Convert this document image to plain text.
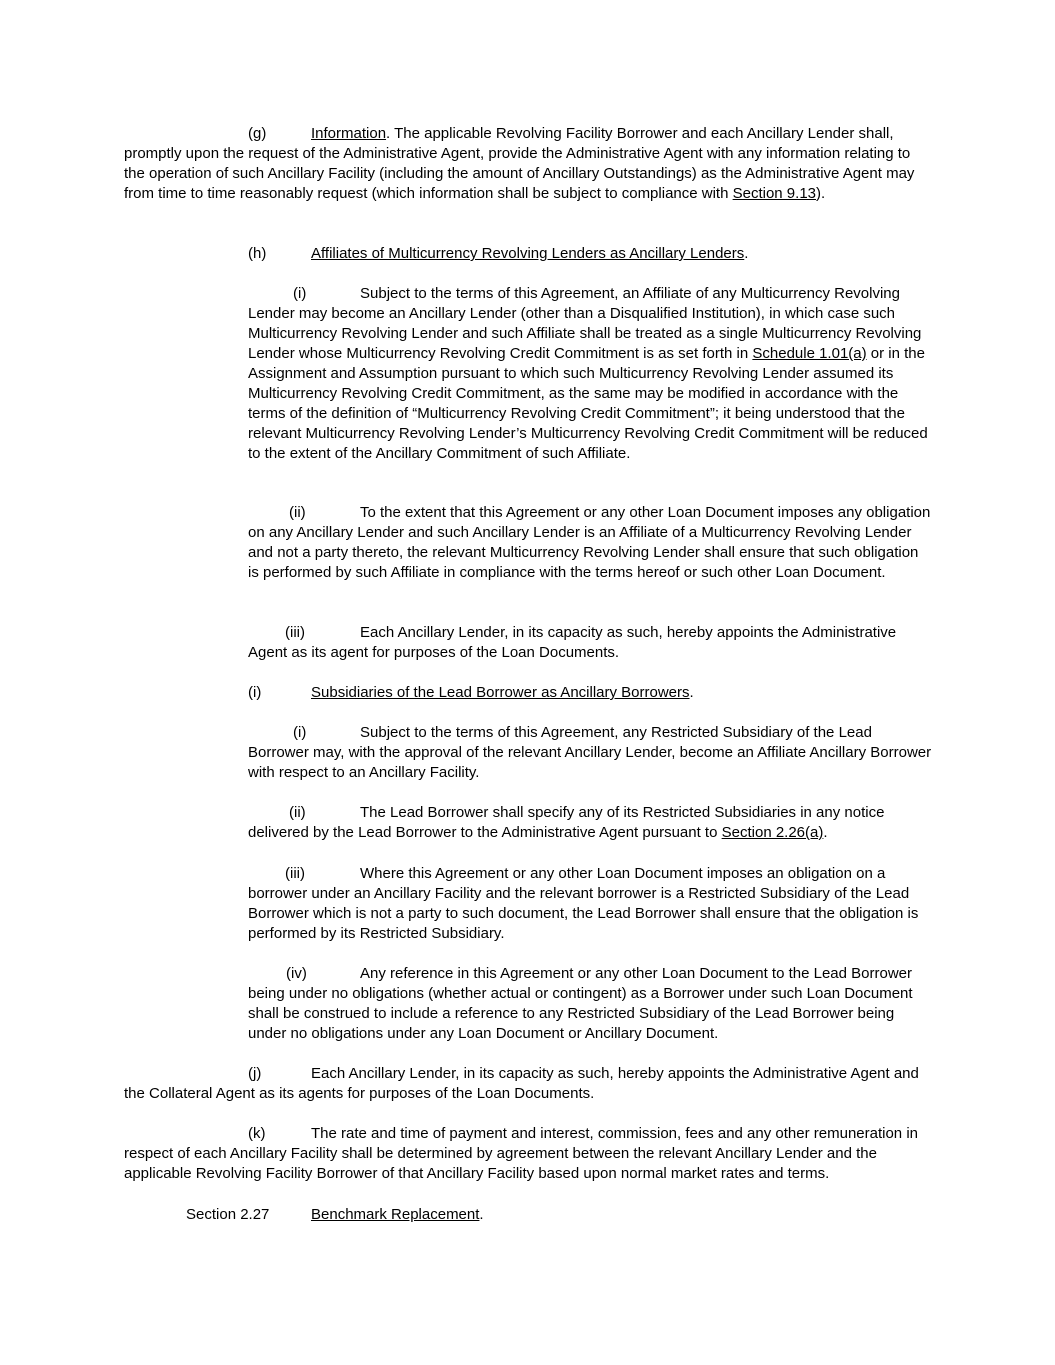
(g)	Information. The applicable Revolving Facility Borrower and each Ancillary Lender shall, promptly upon the request of the Administrative Agent, provide the Administrative Agent with any information relating to the operation of such Ancillary Facility (including the amount of Ancillary Outstandings) as the Administrative Agent may from time to time reasonably request (which information shall be subject to compliance with Section 9.13).

(h)	Affiliates of Multicurrency Revolving Lenders as Ancillary Lenders.

(i)	Subject to the terms of this Agreement, an Affiliate of any Multicurrency Revolving Lender may become an Ancillary Lender (other than a Disqualified Institution), in which case such Multicurrency Revolving Lender and such Affiliate shall be treated as a single Multicurrency Revolving Lender whose Multicurrency Revolving Credit Commitment is as set forth in Schedule 1.01(a) or in the Assignment and Assumption pursuant to which such Multicurrency Revolving Lender assumed its Multicurrency Revolving Credit Commitment, as the same may be modified in accordance with the terms of the definition of “Multicurrency Revolving Credit Commitment”; it being understood that the relevant Multicurrency Revolving Lender’s Multicurrency Revolving Credit Commitment will be reduced to the extent of the Ancillary Commitment of such Affiliate.

(ii)	To the extent that this Agreement or any other Loan Document imposes any obligation on any Ancillary Lender and such Ancillary Lender is an Affiliate of a Multicurrency Revolving Lender and not a party thereto, the relevant Multicurrency Revolving Lender shall ensure that such obligation is performed by such Affiliate in compliance with the terms hereof or such other Loan Document.

(iii)	Each Ancillary Lender, in its capacity as such, hereby appoints the Administrative Agent as its agent for purposes of the Loan Documents.

(i)	Subsidiaries of the Lead Borrower as Ancillary Borrowers.

(i)	Subject to the terms of this Agreement, any Restricted Subsidiary of the Lead Borrower may, with the approval of the relevant Ancillary Lender, become an Affiliate Ancillary Borrower with respect to an Ancillary Facility.

(ii)	The Lead Borrower shall specify any of its Restricted Subsidiaries in any notice delivered by the Lead Borrower to the Administrative Agent pursuant to Section 2.26(a).

(iii)	Where this Agreement or any other Loan Document imposes an obligation on a borrower under an Ancillary Facility and the relevant borrower is a Restricted Subsidiary of the Lead Borrower which is not a party to such document, the Lead Borrower shall ensure that the obligation is performed by its Restricted Subsidiary.

(iv)	Any reference in this Agreement or any other Loan Document to the Lead Borrower being under no obligations (whether actual or contingent) as a Borrower under such Loan Document shall be construed to include a reference to any Restricted Subsidiary of the Lead Borrower being under no obligations under any Loan Document or Ancillary Document.

(j)	Each Ancillary Lender, in its capacity as such, hereby appoints the Administrative Agent and the Collateral Agent as its agents for purposes of the Loan Documents.

(k)	The rate and time of payment and interest, commission, fees and any other remuneration in respect of each Ancillary Facility shall be determined by agreement between the relevant Ancillary Lender and the applicable Revolving Facility Borrower of that Ancillary Facility based upon normal market rates and terms.

Section 2.27	Benchmark Replacement.
